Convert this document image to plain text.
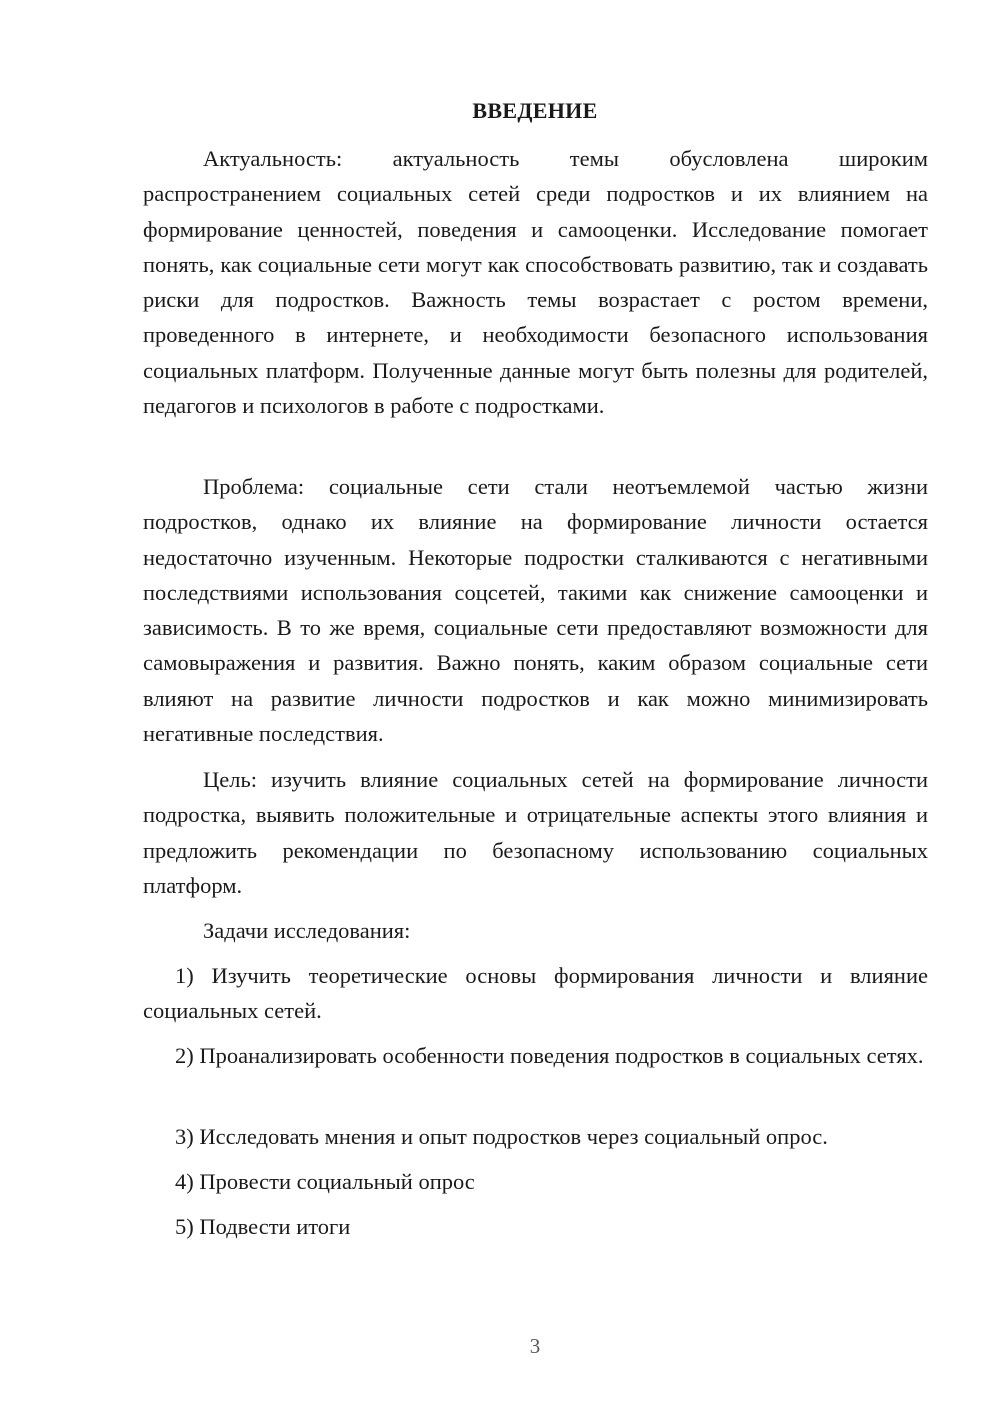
ВВЕДЕНИЕ

Актуальность: актуальность темы обусловлена широким распространением социальных сетей среди подростков и их влиянием на формирование ценностей, поведения и самооценки. Исследование помогает понять, как социальные сети могут как способствовать развитию, так и создавать риски для подростков. Важность темы возрастает с ростом времени, проведенного в интернете, и необходимости безопасного использования социальных платформ. Полученные данные могут быть полезны для родителей, педагогов и психологов в работе с подростками.

Проблема: социальные сети стали неотъемлемой частью жизни подростков, однако их влияние на формирование личности остается недостаточно изученным. Некоторые подростки сталкиваются с негативными последствиями использования соцсетей, такими как снижение самооценки и зависимость. В то же время, социальные сети предоставляют возможности для самовыражения и развития. Важно понять, каким образом социальные сети влияют на развитие личности подростков и как можно минимизировать негативные последствия.

Цель: изучить влияние социальных сетей на формирование личности подростка, выявить положительные и отрицательные аспекты этого влияния и предложить рекомендации по безопасному использованию социальных платформ.

Задачи исследования:

1) Изучить теоретические основы формирования личности и влияние социальных сетей.

2) Проанализировать особенности поведения подростков в социальных сетях.

3) Исследовать мнения и опыт подростков через социальный опрос.

4) Провести социальный опрос

5) Подвести итоги

3
